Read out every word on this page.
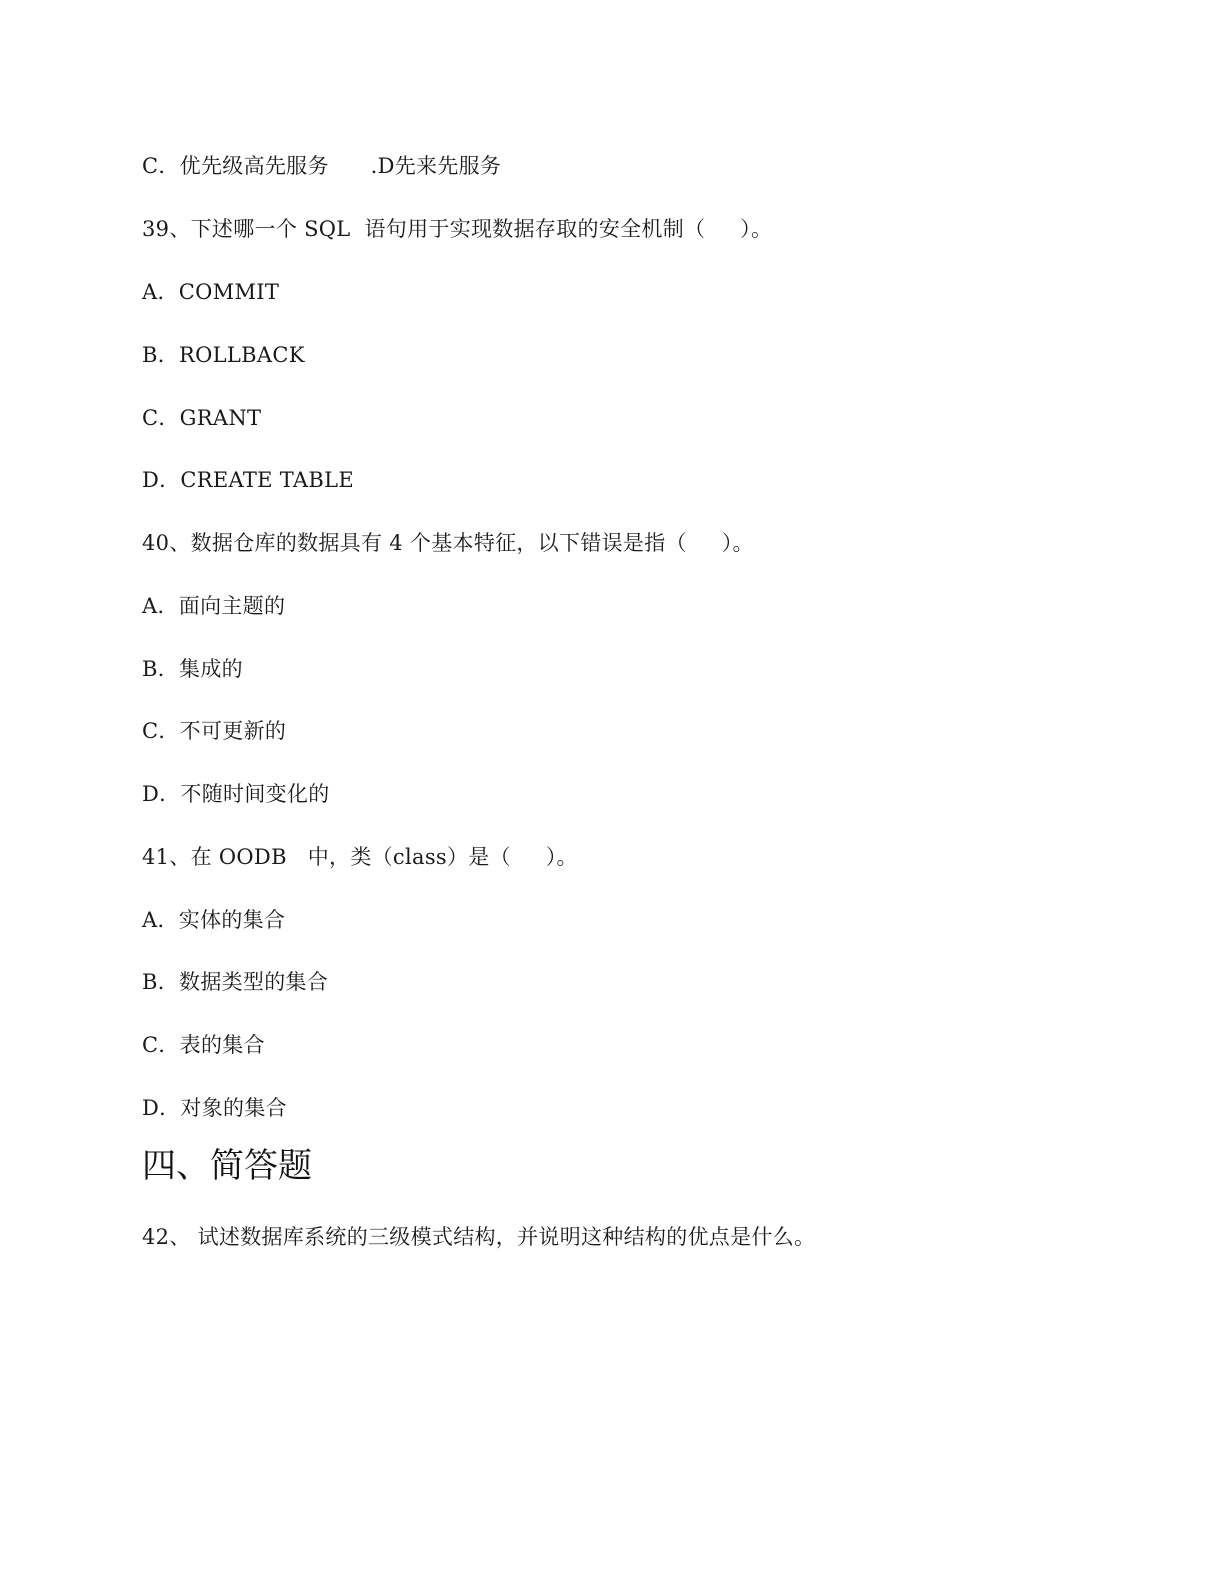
C．优先级高先服务      .D先来先服务
39、下述哪一个 SQL  语句用于实现数据存取的安全机制（     ）。
A．COMMIT
B．ROLLBACK
C．GRANT
D．CREATE TABLE
40、数据仓库的数据具有 4 个基本特征，以下错误是指（     ）。
A．面向主题的
B．集成的
C．不可更新的
D．不随时间变化的
41、在 OODB   中，类（class）是（     ）。
A．实体的集合
B．数据类型的集合
C．表的集合
D．对象的集合
四、简答题
42、 试述数据库系统的三级模式结构，并说明这种结构的优点是什么。
